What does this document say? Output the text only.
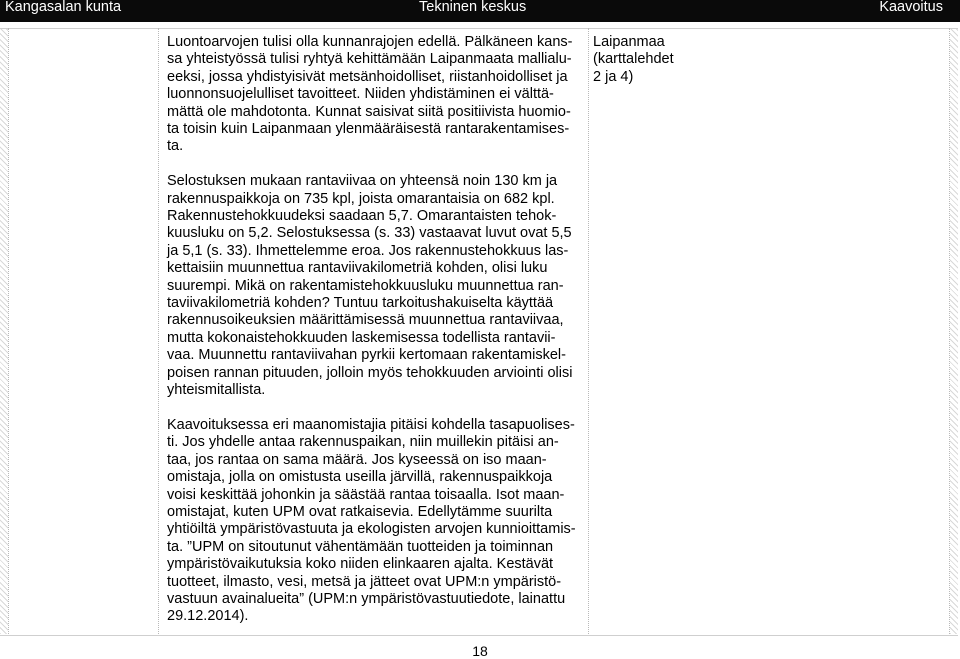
Kangasalan kunta	Tekninen keskus	Kaavoitus
Luontoarvojen tulisi olla kunnanrajojen edellä. Pälkäneen kans-
sa yhteistyössä tulisi ryhtyä kehittämään Laipanmaata mallialu-
eeksi, jossa yhdistyisivät metsänhoidolliset, riistanhoidolliset ja
luonnonsuojelulliset tavoitteet. Niiden yhdistäminen ei välttä-
mättä ole mahdotonta. Kunnat saisivat siitä positiivista huomio-
ta toisin kuin Laipanmaan ylenmääräisestä rantarakentamises-
ta.
Selostuksen mukaan rantaviivaa on yhteensä noin 130 km ja
rakennuspaikkoja on 735 kpl, joista omarantaisia on 682 kpl.
Rakennustehokkuudeksi saadaan 5,7. Omarantaisten tehok-
kuusluku on 5,2. Selostuksessa (s. 33) vastaavat luvut ovat 5,5
ja 5,1 (s. 33). Ihmettelemme eroa. Jos rakennustehokkuus las-
kettaisiin muunnettua rantaviivakilometriä kohden, olisi luku
suurempi. Mikä on rakentamistehokkuusluku muunnettua ran-
taviivakilometriä kohden? Tuntuu tarkoitushakuiselta käyttää
rakennusoikeuksien määrittämisessä muunnettua rantaviivaa,
mutta kokonaistehokkuuden laskemisessa todellista rantavii-
vaa. Muunnettu rantaviivahan pyrkii kertomaan rakentamiskel-
poisen rannan pituuden, jolloin myös tehokkuuden arviointi olisi
yhteismitallista.
Kaavoituksessa eri maanomistajia pitäisi kohdella tasapuolises-
ti. Jos yhdelle antaa rakennuspaikan, niin muillekin pitäisi an-
taa, jos rantaa on sama määrä. Jos kyseessä on iso maan-
omistaja, jolla on omistusta useilla järvillä, rakennuspaikkoja
voisi keskittää johonkin ja säästää rantaa toisaalla. Isot maan-
omistajat, kuten UPM ovat ratkaisevia. Edellytämme suurilta
yhtiöiltä ympäristövastuuta ja ekologisten arvojen kunnioittamis-
ta. ”UPM on sitoutunut vähentämään tuotteiden ja toiminnan
ympäristövaikutuksia koko niiden elinkaaren ajalta. Kestävät
tuotteet, ilmasto, vesi, metsä ja jätteet ovat UPM:n ympäristö-
vastuun avainalueita” (UPM:n ympäristövastuutiedote, lainattu
29.12.2014).
Laipanmaa
(karttalehdet
2 ja 4)
18
